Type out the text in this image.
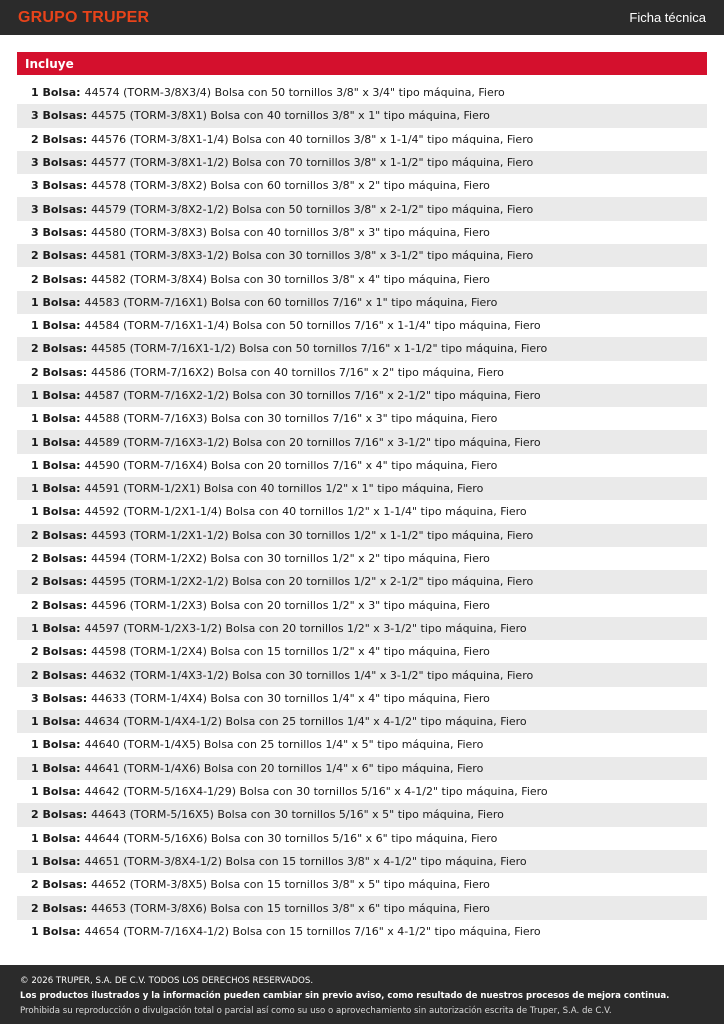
GRUPO TRUPER	Ficha técnica
Incluye
1 Bolsa: 44574 (TORM-3/8X3/4) Bolsa con 50 tornillos 3/8" x 3/4" tipo máquina, Fiero
3 Bolsas: 44575 (TORM-3/8X1) Bolsa con 40 tornillos 3/8" x 1" tipo máquina, Fiero
2 Bolsas: 44576 (TORM-3/8X1-1/4) Bolsa con 40 tornillos 3/8" x 1-1/4" tipo máquina, Fiero
3 Bolsas: 44577 (TORM-3/8X1-1/2) Bolsa con 70 tornillos 3/8" x 1-1/2" tipo máquina, Fiero
3 Bolsas: 44578 (TORM-3/8X2) Bolsa con 60 tornillos 3/8" x 2" tipo máquina, Fiero
3 Bolsas: 44579 (TORM-3/8X2-1/2) Bolsa con 50 tornillos 3/8" x 2-1/2" tipo máquina, Fiero
3 Bolsas: 44580 (TORM-3/8X3) Bolsa con 40 tornillos 3/8" x 3" tipo máquina, Fiero
2 Bolsas: 44581 (TORM-3/8X3-1/2) Bolsa con 30 tornillos 3/8" x 3-1/2" tipo máquina, Fiero
2 Bolsas: 44582 (TORM-3/8X4) Bolsa con 30 tornillos 3/8" x 4" tipo máquina, Fiero
1 Bolsa: 44583 (TORM-7/16X1) Bolsa con 60 tornillos 7/16" x 1" tipo máquina, Fiero
1 Bolsa: 44584 (TORM-7/16X1-1/4) Bolsa con 50 tornillos 7/16" x 1-1/4" tipo máquina, Fiero
2 Bolsas: 44585 (TORM-7/16X1-1/2) Bolsa con 50 tornillos 7/16" x 1-1/2" tipo máquina, Fiero
2 Bolsas: 44586 (TORM-7/16X2) Bolsa con 40 tornillos 7/16" x 2" tipo máquina, Fiero
1 Bolsa: 44587 (TORM-7/16X2-1/2) Bolsa con 30 tornillos 7/16" x 2-1/2" tipo máquina, Fiero
1 Bolsa: 44588 (TORM-7/16X3) Bolsa con 30 tornillos 7/16" x 3" tipo máquina, Fiero
1 Bolsa: 44589 (TORM-7/16X3-1/2) Bolsa con 20 tornillos 7/16" x 3-1/2" tipo máquina, Fiero
1 Bolsa: 44590 (TORM-7/16X4) Bolsa con 20 tornillos 7/16" x 4" tipo máquina, Fiero
1 Bolsa: 44591 (TORM-1/2X1) Bolsa con 40 tornillos 1/2" x 1" tipo máquina, Fiero
1 Bolsa: 44592 (TORM-1/2X1-1/4) Bolsa con 40 tornillos 1/2" x 1-1/4" tipo máquina, Fiero
2 Bolsas: 44593 (TORM-1/2X1-1/2) Bolsa con 30 tornillos 1/2" x 1-1/2" tipo máquina, Fiero
2 Bolsas: 44594 (TORM-1/2X2) Bolsa con 30 tornillos 1/2" x 2" tipo máquina, Fiero
2 Bolsas: 44595 (TORM-1/2X2-1/2) Bolsa con 20 tornillos 1/2" x 2-1/2" tipo máquina, Fiero
2 Bolsas: 44596 (TORM-1/2X3) Bolsa con 20 tornillos 1/2" x 3" tipo máquina, Fiero
1 Bolsa: 44597 (TORM-1/2X3-1/2) Bolsa con 20 tornillos 1/2" x 3-1/2" tipo máquina, Fiero
2 Bolsas: 44598 (TORM-1/2X4) Bolsa con 15 tornillos 1/2" x 4" tipo máquina, Fiero
2 Bolsas: 44632 (TORM-1/4X3-1/2) Bolsa con 30 tornillos 1/4" x 3-1/2" tipo máquina, Fiero
3 Bolsas: 44633 (TORM-1/4X4) Bolsa con 30 tornillos 1/4" x 4" tipo máquina, Fiero
1 Bolsa: 44634 (TORM-1/4X4-1/2) Bolsa con 25 tornillos 1/4" x 4-1/2" tipo máquina, Fiero
1 Bolsa: 44640 (TORM-1/4X5) Bolsa con 25 tornillos 1/4" x 5" tipo máquina, Fiero
1 Bolsa: 44641 (TORM-1/4X6) Bolsa con 20 tornillos 1/4" x 6" tipo máquina, Fiero
1 Bolsa: 44642 (TORM-5/16X4-1/29) Bolsa con 30 tornillos 5/16" x 4-1/2" tipo máquina, Fiero
2 Bolsas: 44643 (TORM-5/16X5) Bolsa con 30 tornillos 5/16" x 5" tipo máquina, Fiero
1 Bolsa: 44644 (TORM-5/16X6) Bolsa con 30 tornillos 5/16" x 6" tipo máquina, Fiero
1 Bolsa: 44651 (TORM-3/8X4-1/2) Bolsa con 15 tornillos 3/8" x 4-1/2" tipo máquina, Fiero
2 Bolsas: 44652 (TORM-3/8X5) Bolsa con 15 tornillos 3/8" x 5" tipo máquina, Fiero
2 Bolsas: 44653 (TORM-3/8X6) Bolsa con 15 tornillos 3/8" x 6" tipo máquina, Fiero
1 Bolsa: 44654 (TORM-7/16X4-1/2) Bolsa con 15 tornillos 7/16" x 4-1/2" tipo máquina, Fiero
© 2026 TRUPER, S.A. DE C.V. TODOS LOS DERECHOS RESERVADOS.
Los productos ilustrados y la información pueden cambiar sin previo aviso, como resultado de nuestros procesos de mejora continua.
Prohibida su reproducción o divulgación total o parcial así como su uso o aprovechamiento sin autorización escrita de Truper, S.A. de C.V.
